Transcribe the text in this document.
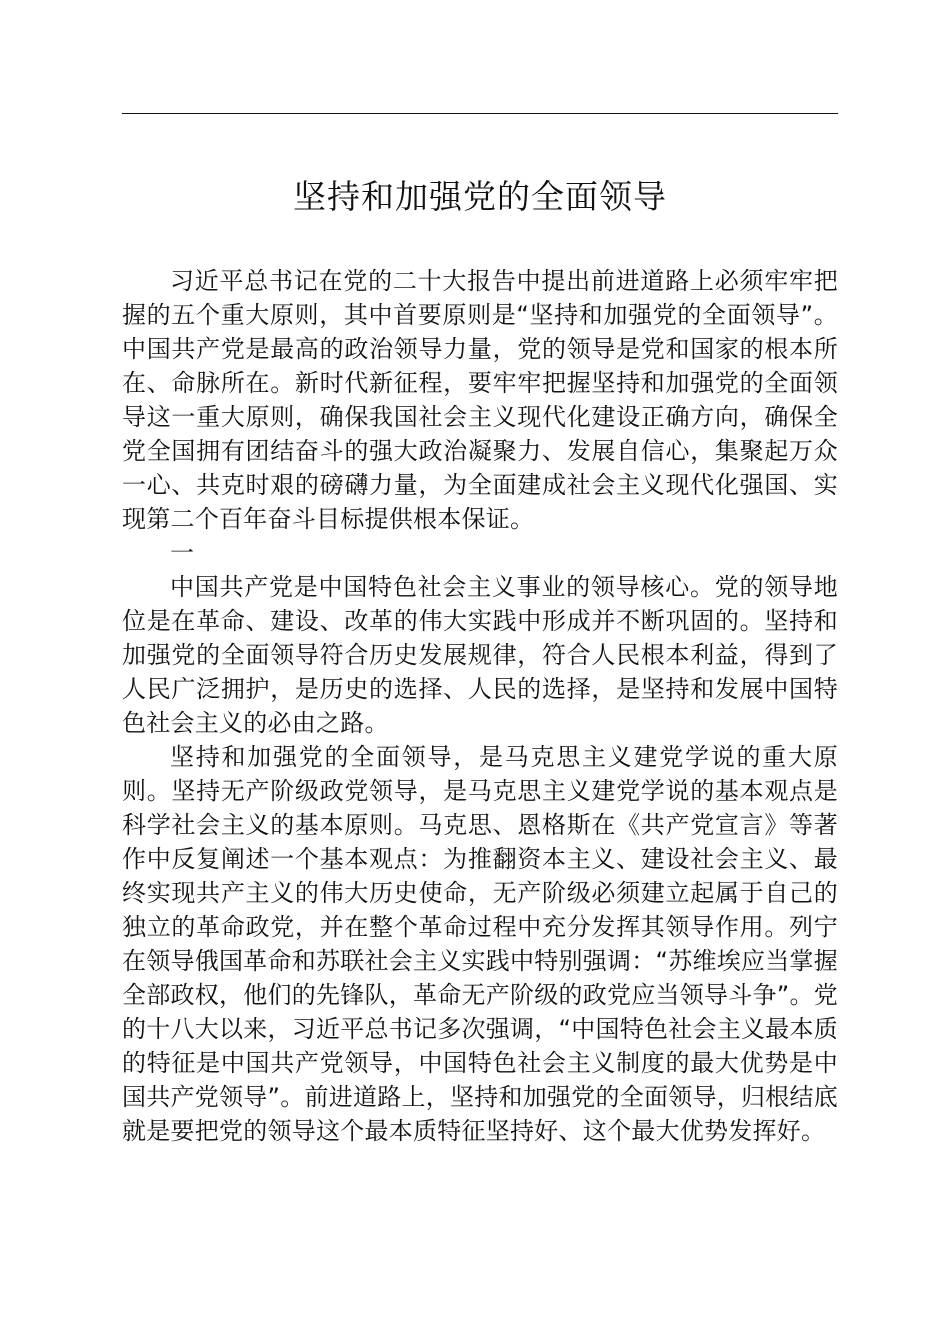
坚持和加强党的全面领导

习近平总书记在党的二十大报告中提出前进道路上必须牢牢把握的五个重大原则，其中首要原则是“坚持和加强党的全面领导”。中国共产党是最高的政治领导力量，党的领导是党和国家的根本所在、命脉所在。新时代新征程，要牢牢把握坚持和加强党的全面领导这一重大原则，确保我国社会主义现代化建设正确方向，确保全党全国拥有团结奋斗的强大政治凝聚力、发展自信心，集聚起万众一心、共克时艰的磅礴力量，为全面建成社会主义现代化强国、实现第二个百年奋斗目标提供根本保证。

一

中国共产党是中国特色社会主义事业的领导核心。党的领导地位是在革命、建设、改革的伟大实践中形成并不断巩固的。坚持和加强党的全面领导符合历史发展规律，符合人民根本利益，得到了人民广泛拥护，是历史的选择、人民的选择，是坚持和发展中国特色社会主义的必由之路。

坚持和加强党的全面领导，是马克思主义建党学说的重大原则。坚持无产阶级政党领导，是马克思主义建党学说的基本观点是科学社会主义的基本原则。马克思、恩格斯在《共产党宣言》等著作中反复阐述一个基本观点：为推翻资本主义、建设社会主义、最终实现共产主义的伟大历史使命，无产阶级必须建立起属于自己的独立的革命政党，并在整个革命过程中充分发挥其领导作用。列宁在领导俄国革命和苏联社会主义实践中特别强调：“苏维埃应当掌握全部政权，他们的先锋队，革命无产阶级的政党应当领导斗争”。党的十八大以来，习近平总书记多次强调，“中国特色社会主义最本质的特征是中国共产党领导，中国特色社会主义制度的最大优势是中国共产党领导”。前进道路上，坚持和加强党的全面领导，归根结底就是要把党的领导这个最本质特征坚持好、这个最大优势发挥好。
